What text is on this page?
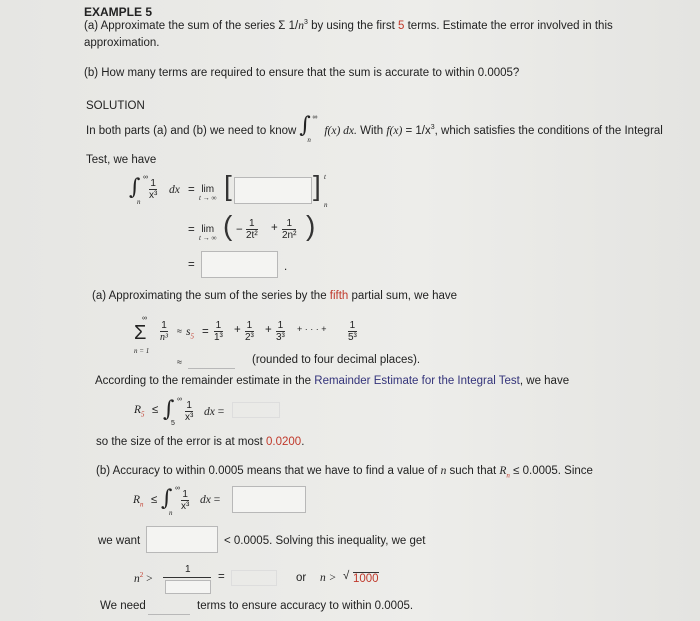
EXAMPLE 5
(a) Approximate the sum of the series Σ $1/n^3$ by using the first 5 terms. Estimate the error involved in this
approximation.
(b) How many terms are required to ensure that the sum is accurate to within 0.0005?
SOLUTION
In both parts (a) and (b) we need to know ∫ ∞
n
f(x) dx. With $f(x) = 1/x^3$, which satisfies the conditions of the Integral
Test, we have
∫ ∞
n
$\frac{1}{\text{x³}}$ dx = lim
t → ∞ [	] t
n
= lim
t → ∞ ( − $\frac{1}{\text{2t²}} + \frac{1}{\text{2n²}}$ )
=	.
(a) Approximating the sum of the series by the fifth partial sum, we have
∞
Σ
n = 1
$\frac{1}{\text{n³}} \approx s_5 = \frac{1}{\text{1³}} + \frac{1}{\text{2³}} + \frac{1}{\text{3³}}$ + · · · + $\frac{1}{\text{5³}}$
≈	(rounded to four decimal places).
According to the remainder estimate in the Remainder Estimate for the Integral Test, we have
$R_5$ ≤ ∫ ∞
5
$\frac{1}{\text{x³}}$ dx =
so the size of the error is at most 0.0200.
(b) Accuracy to within 0.0005 means that we have to find a value of n such that $R_n \le 0.0005$. Since
$R_n$ ≤ ∫ ∞
n
$\frac{1}{\text{x³}}$ dx =
we want	< 0.0005. Solving this inequality, we get
$n^2$ >
1
=	or n > √ 1000
We need	terms to ensure accuracy to within 0.0005.
